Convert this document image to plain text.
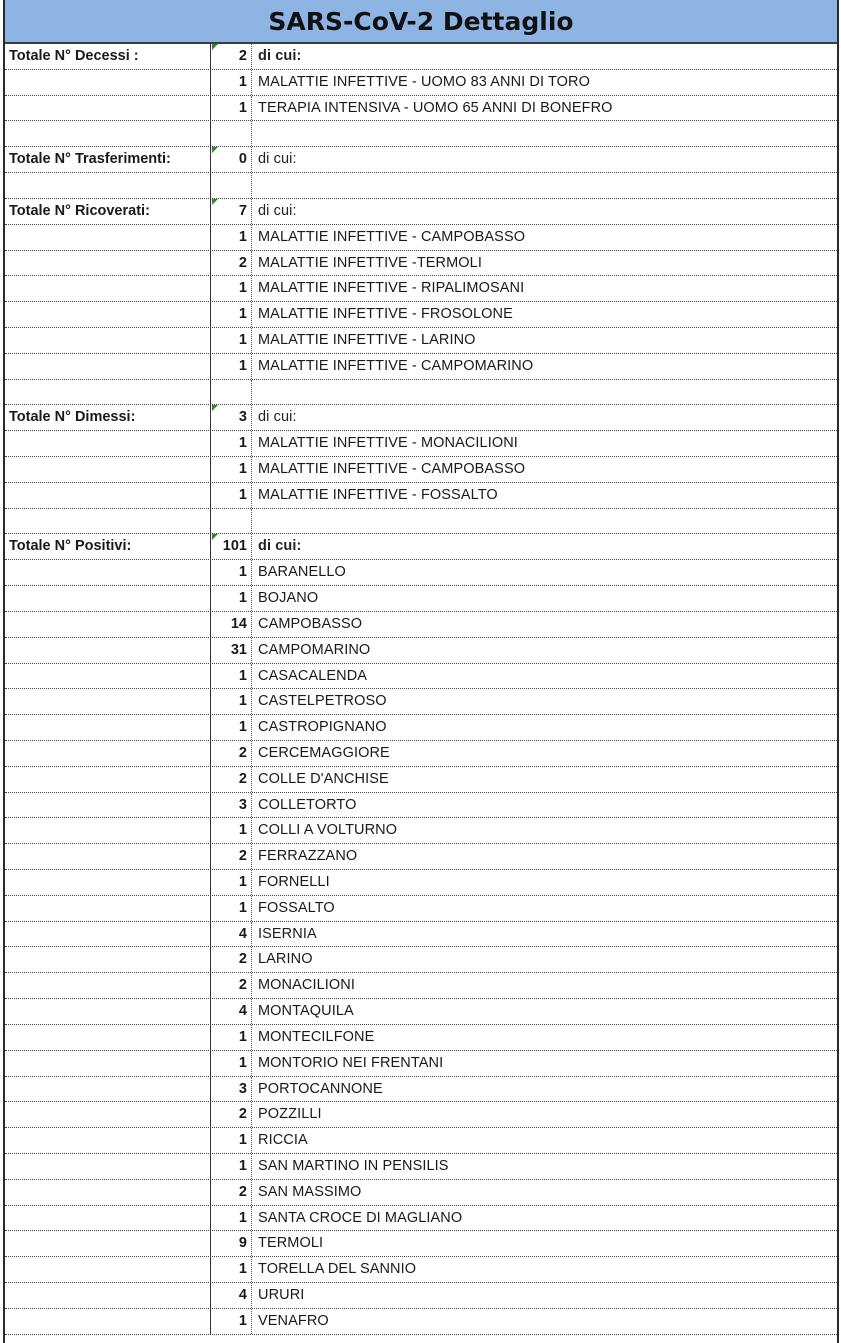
SARS-CoV-2 Dettaglio
Totale N° Decessi :	2 di cui:
1 MALATTIE INFETTIVE - UOMO 83 ANNI DI TORO
1 TERAPIA INTENSIVA - UOMO 65 ANNI DI BONEFRO
Totale N° Trasferimenti:	0 di cui:
Totale N° Ricoverati:	7 di cui:
1 MALATTIE INFETTIVE - CAMPOBASSO
2 MALATTIE INFETTIVE -TERMOLI
1 MALATTIE INFETTIVE - RIPALIMOSANI
1 MALATTIE INFETTIVE - FROSOLONE
1 MALATTIE INFETTIVE - LARINO
1 MALATTIE INFETTIVE - CAMPOMARINO
Totale N° Dimessi:	3 di cui:
1 MALATTIE INFETTIVE - MONACILIONI
1 MALATTIE INFETTIVE - CAMPOBASSO
1 MALATTIE INFETTIVE - FOSSALTO
Totale N° Positivi:	101 di cui:
1 BARANELLO
1 BOJANO
14 CAMPOBASSO
31 CAMPOMARINO
1 CASACALENDA
1 CASTELPETROSO
1 CASTROPIGNANO
2 CERCEMAGGIORE
2 COLLE D'ANCHISE
3 COLLETORTO
1 COLLI A VOLTURNO
2 FERRAZZANO
1 FORNELLI
1 FOSSALTO
4 ISERNIA
2 LARINO
2 MONACILIONI
4 MONTAQUILA
1 MONTECILFONE
1 MONTORIO NEI FRENTANI
3 PORTOCANNONE
2 POZZILLI
1 RICCIA
1 SAN MARTINO IN PENSILIS
2 SAN MASSIMO
1 SANTA CROCE DI MAGLIANO
9 TERMOLI
1 TORELLA DEL SANNIO
4 URURI
1 VENAFRO
